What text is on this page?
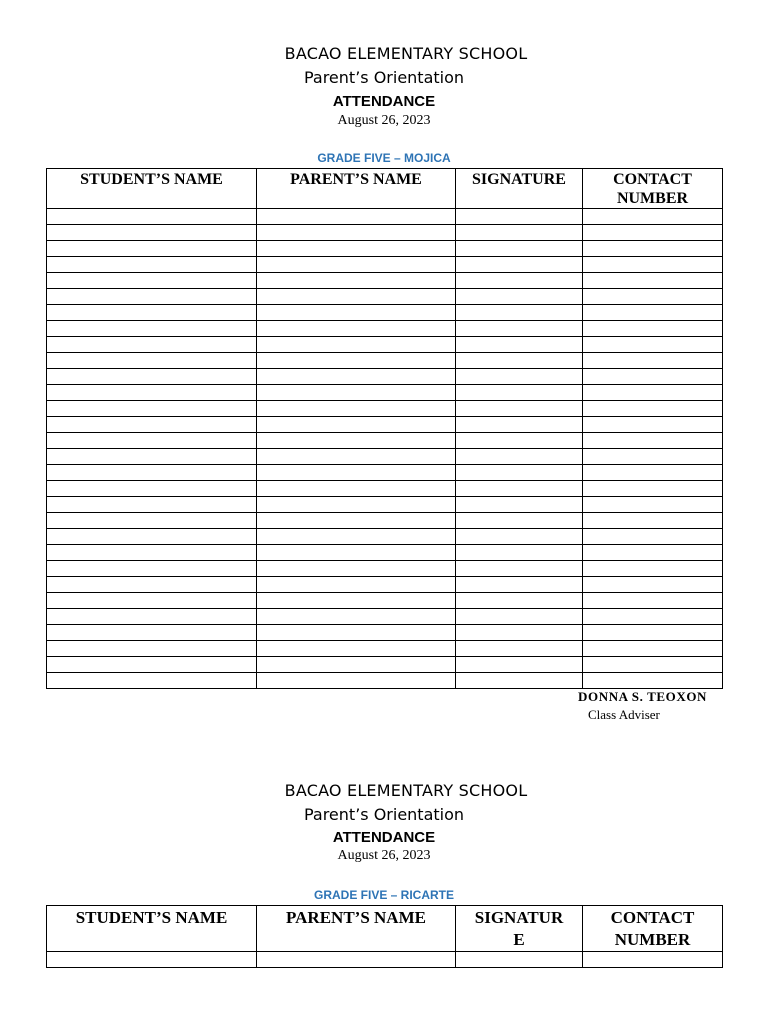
BACAO ELEMENTARY SCHOOL
Parent’s Orientation
ATTENDANCE
August 26, 2023
GRADE FIVE – MOJICA
STUDENT’S NAME	PARENT’S NAME	SIGNATURE	CONTACT NUMBER

DONNA S. TEOXON
Class Adviser
BACAO ELEMENTARY SCHOOL
Parent’s Orientation
ATTENDANCE
August 26, 2023
GRADE FIVE – RICARTE
STUDENT’S NAME	PARENT’S NAME	SIGNATUR E	CONTACT NUMBER
